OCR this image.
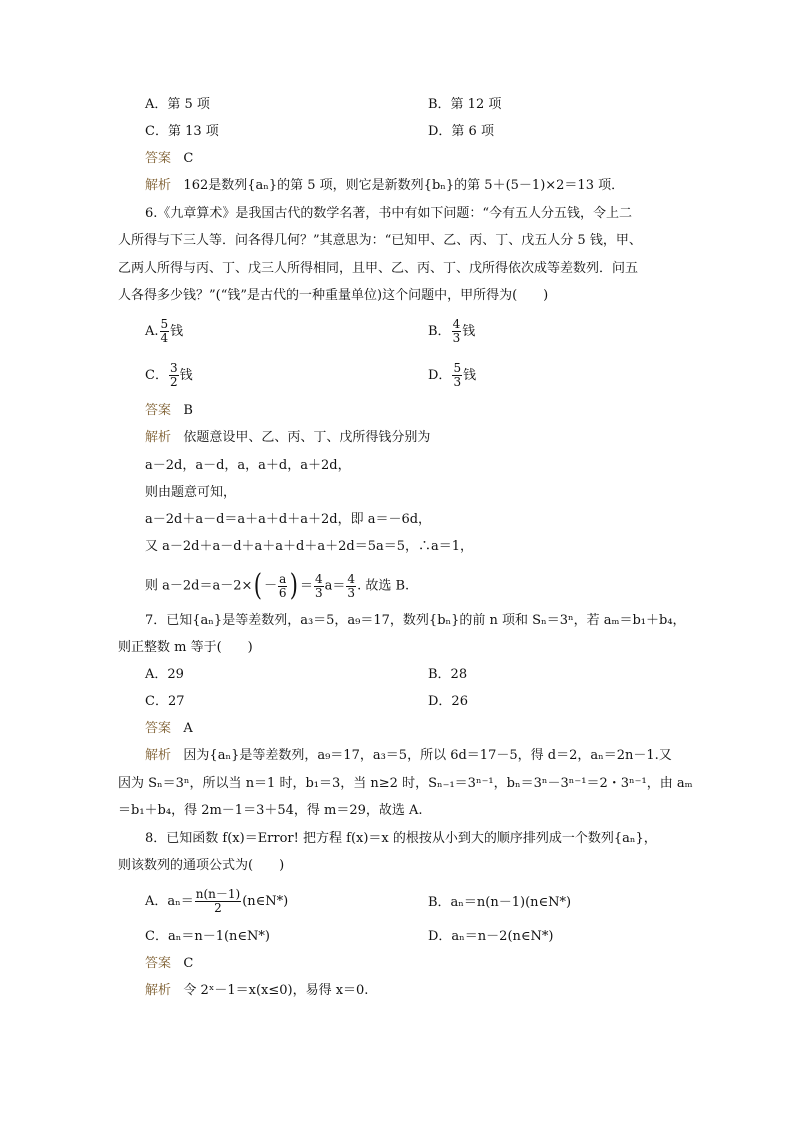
A．第 5 项	B．第 12 项
C．第 13 项	D．第 6 项
答案 C
解析 162是数列{aₙ}的第 5 项，则它是新数列{bₙ}的第 5＋(5－1)×2＝13 项．
6.《九章算术》是我国古代的数学名著，书中有如下问题：“今有五人分五钱，令上二
人所得与下三人等．问各得几何？”其意思为：“已知甲、乙、丙、丁、戊五人分 5 钱，甲、
乙两人所得与丙、丁、戊三人所得相同，且甲、乙、丙、丁、戊所得依次成等差数列．问五
人各得多少钱？”(“钱”是古代的一种重量单位)这个问题中，甲所得为(　　)
A. $\frac{5}{4}$ 钱	B． $\frac{4}{3}$ 钱
C． $\frac{3}{2}$ 钱	D． $\frac{5}{3}$ 钱
答案 B
解析 依题意设甲、乙、丙、丁、戊所得钱分别为
a－2d，a－d，a，a＋d，a＋2d，
则由题意可知，
a－2d＋a－d＝a＋a＋d＋a＋2d，即 a＝－6d，
又 a－2d＋a－d＋a＋a＋d＋a＋2d＝5a＝5，∴a＝1，
则 $a-2d=a-2\times( - \frac{a}{6}$ ) ＝ $\frac{4}{3} a= \frac{4}{3}$ . 故选 B.
7．已知{aₙ}是等差数列，a₃＝5，a₉＝17，数列{bₙ}的前 n 项和 Sₙ＝3ⁿ，若 aₘ＝b₁＋b₄，
则正整数 m 等于(　　)
A．29	B．28
C．27	D．26
答案 A
解析 因为{aₙ}是等差数列，a₉＝17，a₃＝5，所以 6d＝17－5，得 d＝2，aₙ＝2n－1.又
因为 Sₙ＝3ⁿ，所以当 n＝1 时，b₁＝3，当 n≥2 时，Sₙ₋₁＝3ⁿ⁻¹，bₙ＝3ⁿ－3ⁿ⁻¹＝2・3ⁿ⁻¹，由 aₘ
＝b₁＋b₄，得 2m－1＝3＋54，得 m＝29，故选 A.
8．已知函数 f(x)＝Error! 把方程 f(x)＝x 的根按从小到大的顺序排列成一个数列{aₙ}，
则该数列的通项公式为(　　)
A．$a_n= \frac{n(n-1)}{2}$ (n∈N*)	B．aₙ＝n(n－1)(n∈N*)
C．aₙ＝n－1(n∈N*)	D．aₙ＝n－2(n∈N*)
答案 C
解析 令 2ˣ－1＝x(x≤0)，易得 x＝0.
